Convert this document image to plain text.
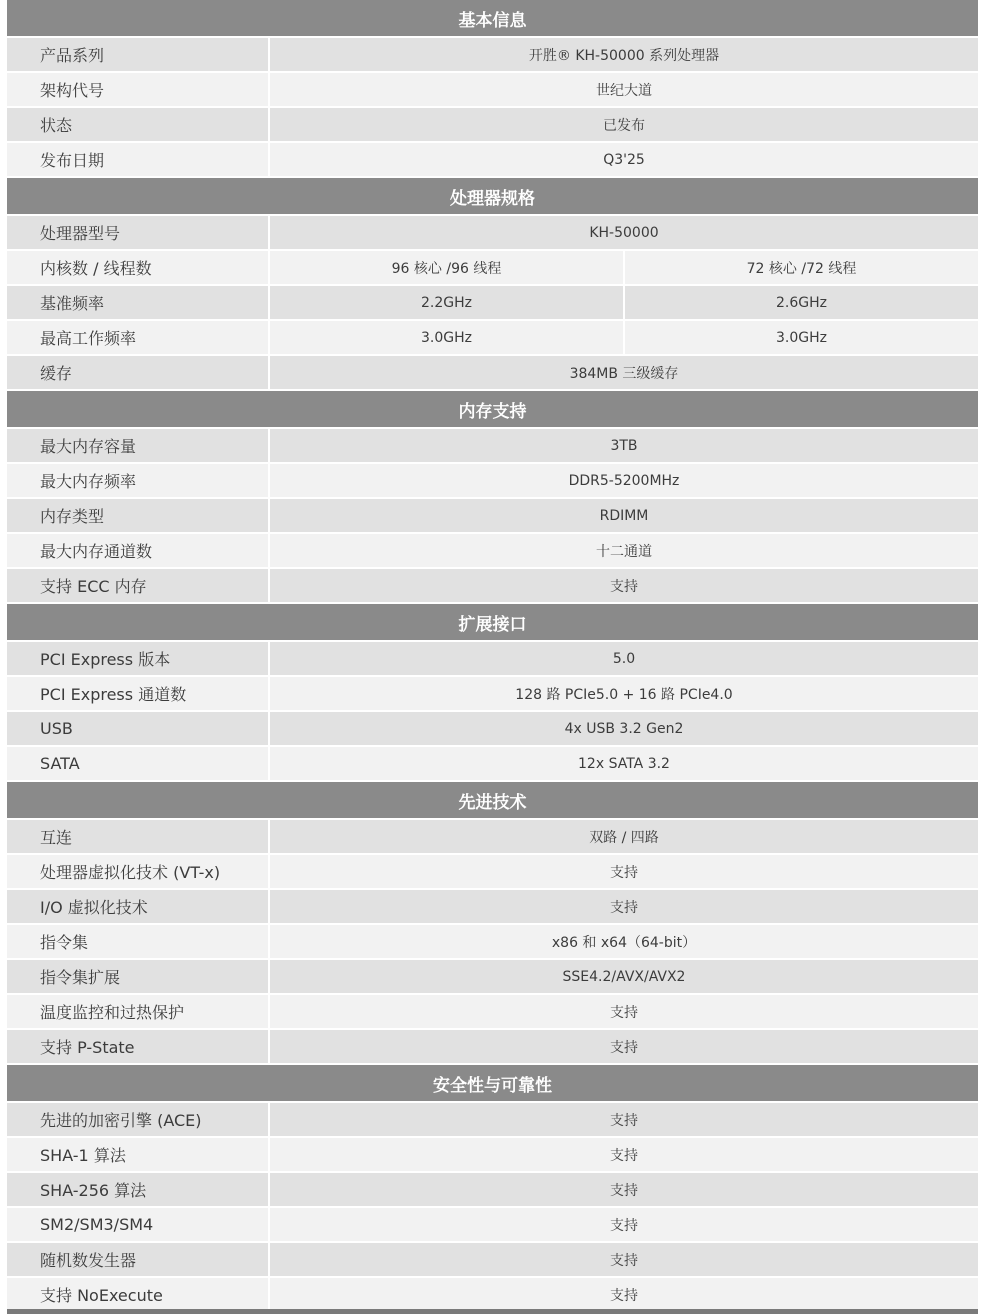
基本信息
产品系列	开胜® KH-50000 系列处理器
架构代号	世纪大道
状态	已发布
发布日期	Q3'25
处理器规格
处理器型号	KH-50000
内核数 / 线程数	96 核心 /96 线程	72 核心 /72 线程
基准频率	2.2GHz	2.6GHz
最高工作频率	3.0GHz	3.0GHz
缓存	384MB 三级缓存
内存支持
最大内存容量	3TB
最大内存频率	DDR5-5200MHz
内存类型	RDIMM
最大内存通道数	十二通道
支持 ECC 内存	支持
扩展接口
PCI Express 版本	5.0
PCI Express 通道数	128 路 PCIe5.0 + 16 路 PCIe4.0
USB	4x USB 3.2 Gen2
SATA	12x SATA 3.2
先进技术
互连	双路 / 四路
处理器虚拟化技术 (VT-x)	支持
I/O 虚拟化技术	支持
指令集	x86 和 x64（64-bit）
指令集扩展	SSE4.2/AVX/AVX2
温度监控和过热保护	支持
支持 P-State	支持
安全性与可靠性
先进的加密引擎 (ACE)	支持
SHA-1 算法	支持
SHA-256 算法	支持
SM2/SM3/SM4	支持
随机数发生器	支持
支持 NoExecute	支持
